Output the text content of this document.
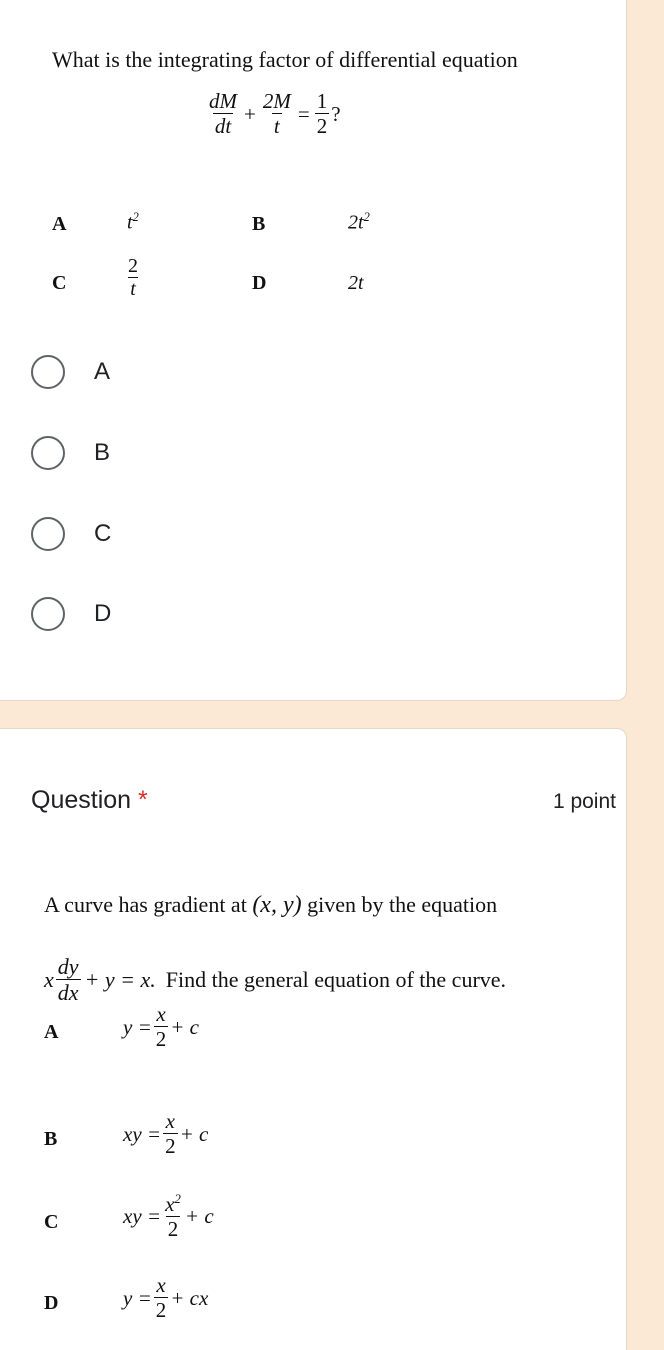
What is the integrating factor of differential equation
$\frac{dM}{dt} + \frac{2M}{t} = \frac{1}{2}$ ?
A	$t^2$	B	$2t^2$
C	$\frac{2}{t}$	D	2t
A
B
C
D
Question *	1 point
A curve has gradient at (x, y) given by the equation
x $\frac{dy}{dx} + y = x$. Find the general equation of the curve.
A	$y = \frac{x}{2} + c$
B	xy = $\frac{x}{2} + c$
C	xy = $\frac{x^2}{2} + c$
D	$y = \frac{x}{2}$ + cx
